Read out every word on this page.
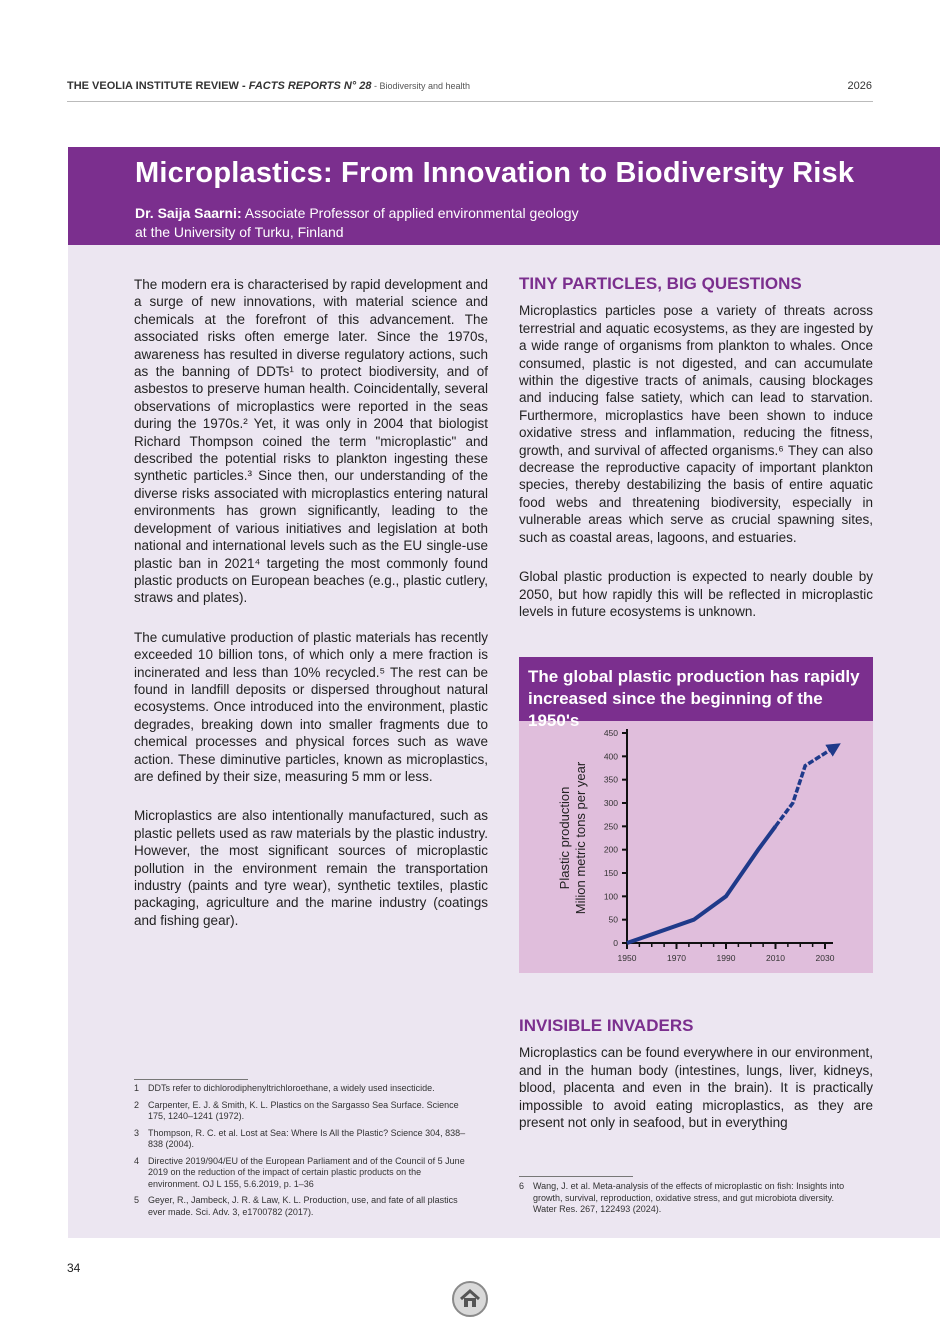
THE VEOLIA INSTITUTE REVIEW - FACTS REPORTS N° 28 - Biodiversity and health	2026
Microplastics: From Innovation to Biodiversity Risk
Dr. Saija Saarni: Associate Professor of applied environmental geology
at the University of Turku, Finland

The modern era is characterised by rapid development and a surge of new innovations, with material science and chemicals at the forefront of this advancement. The associated risks often emerge later. Since the 1970s, awareness has resulted in diverse regulatory actions, such as the banning of DDTs¹ to protect biodiversity, and of asbestos to preserve human health. Coincidentally, several observations of microplastics were reported in the seas during the 1970s.² Yet, it was only in 2004 that biologist Richard Thompson coined the term "microplastic" and described the potential risks to plankton ingesting these synthetic particles.³ Since then, our understanding of the diverse risks associated with microplastics entering natural environments has grown significantly, leading to the development of various initiatives and legislation at both national and international levels such as the EU single-use plastic ban in 2021⁴ targeting the most commonly found plastic products on European beaches (e.g., plastic cutlery, straws and plates).

The cumulative production of plastic materials has recently exceeded 10 billion tons, of which only a mere fraction is incinerated and less than 10% recycled.⁵ The rest can be found in landfill deposits or dispersed throughout natural ecosystems. Once introduced into the environment, plastic degrades, breaking down into smaller fragments due to chemical processes and physical forces such as wave action. These diminutive particles, known as microplastics, are defined by their size, measuring 5 mm or less.

Microplastics are also intentionally manufactured, such as plastic pellets used as raw materials by the plastic industry. However, the most significant sources of microplastic pollution in the environment remain the transportation industry (paints and tyre wear), synthetic textiles, plastic packaging, agriculture and the marine industry (coatings and fishing gear).

TINY PARTICLES, BIG QUESTIONS

Microplastics particles pose a variety of threats across terrestrial and aquatic ecosystems, as they are ingested by a wide range of organisms from plankton to whales. Once consumed, plastic is not digested, and can accumulate within the digestive tracts of animals, causing blockages and inducing false satiety, which can lead to starvation. Furthermore, microplastics have been shown to induce oxidative stress and inflammation, reducing the fitness, growth, and survival of affected organisms.⁶ They can also decrease the reproductive capacity of important plankton species, thereby destabilizing the basis of entire aquatic food webs and threatening biodiversity, especially in vulnerable areas which serve as crucial spawning sites, such as coastal areas, lagoons, and estuaries.

Global plastic production is expected to nearly double by 2050, but how rapidly this will be reflected in microplastic levels in future ecosystems is unknown.

The global plastic production has rapidly increased since the beginning of the 1950's
0
50
100
150
200
250
300
350
400
450
1950	1970	1990	2010	2030
Plastic production Milion metric tons per year
INVISIBLE INVADERS

Microplastics can be found everywhere in our environment, and in the human body (intestines, lungs, liver, kidneys, blood, placenta and even in the brain). It is practically impossible to avoid eating microplastics, as they are present not only in seafood, but in everything

1 DDTs refer to dichlorodiphenyltrichloroethane, a widely used insecticide.
2 Carpenter, E. J. & Smith, K. L. Plastics on the Sargasso Sea Surface. Science 175, 1240–1241 (1972).
3 Thompson, R. C. et al. Lost at Sea: Where Is All the Plastic? Science 304, 838–838 (2004).
4 Directive 2019/904/EU of the European Parliament and of the Council of 5 June 2019 on the reduction of the impact of certain plastic products on the environment. OJ L 155, 5.6.2019, p. 1–36
5 Geyer, R., Jambeck, J. R. & Law, K. L. Production, use, and fate of all plastics ever made. Sci. Adv. 3, e1700782 (2017).
6 Wang, J. et al. Meta-analysis of the effects of microplastic on fish: Insights into growth, survival, reproduction, oxidative stress, and gut microbiota diversity. Water Res. 267, 122493 (2024).
34
